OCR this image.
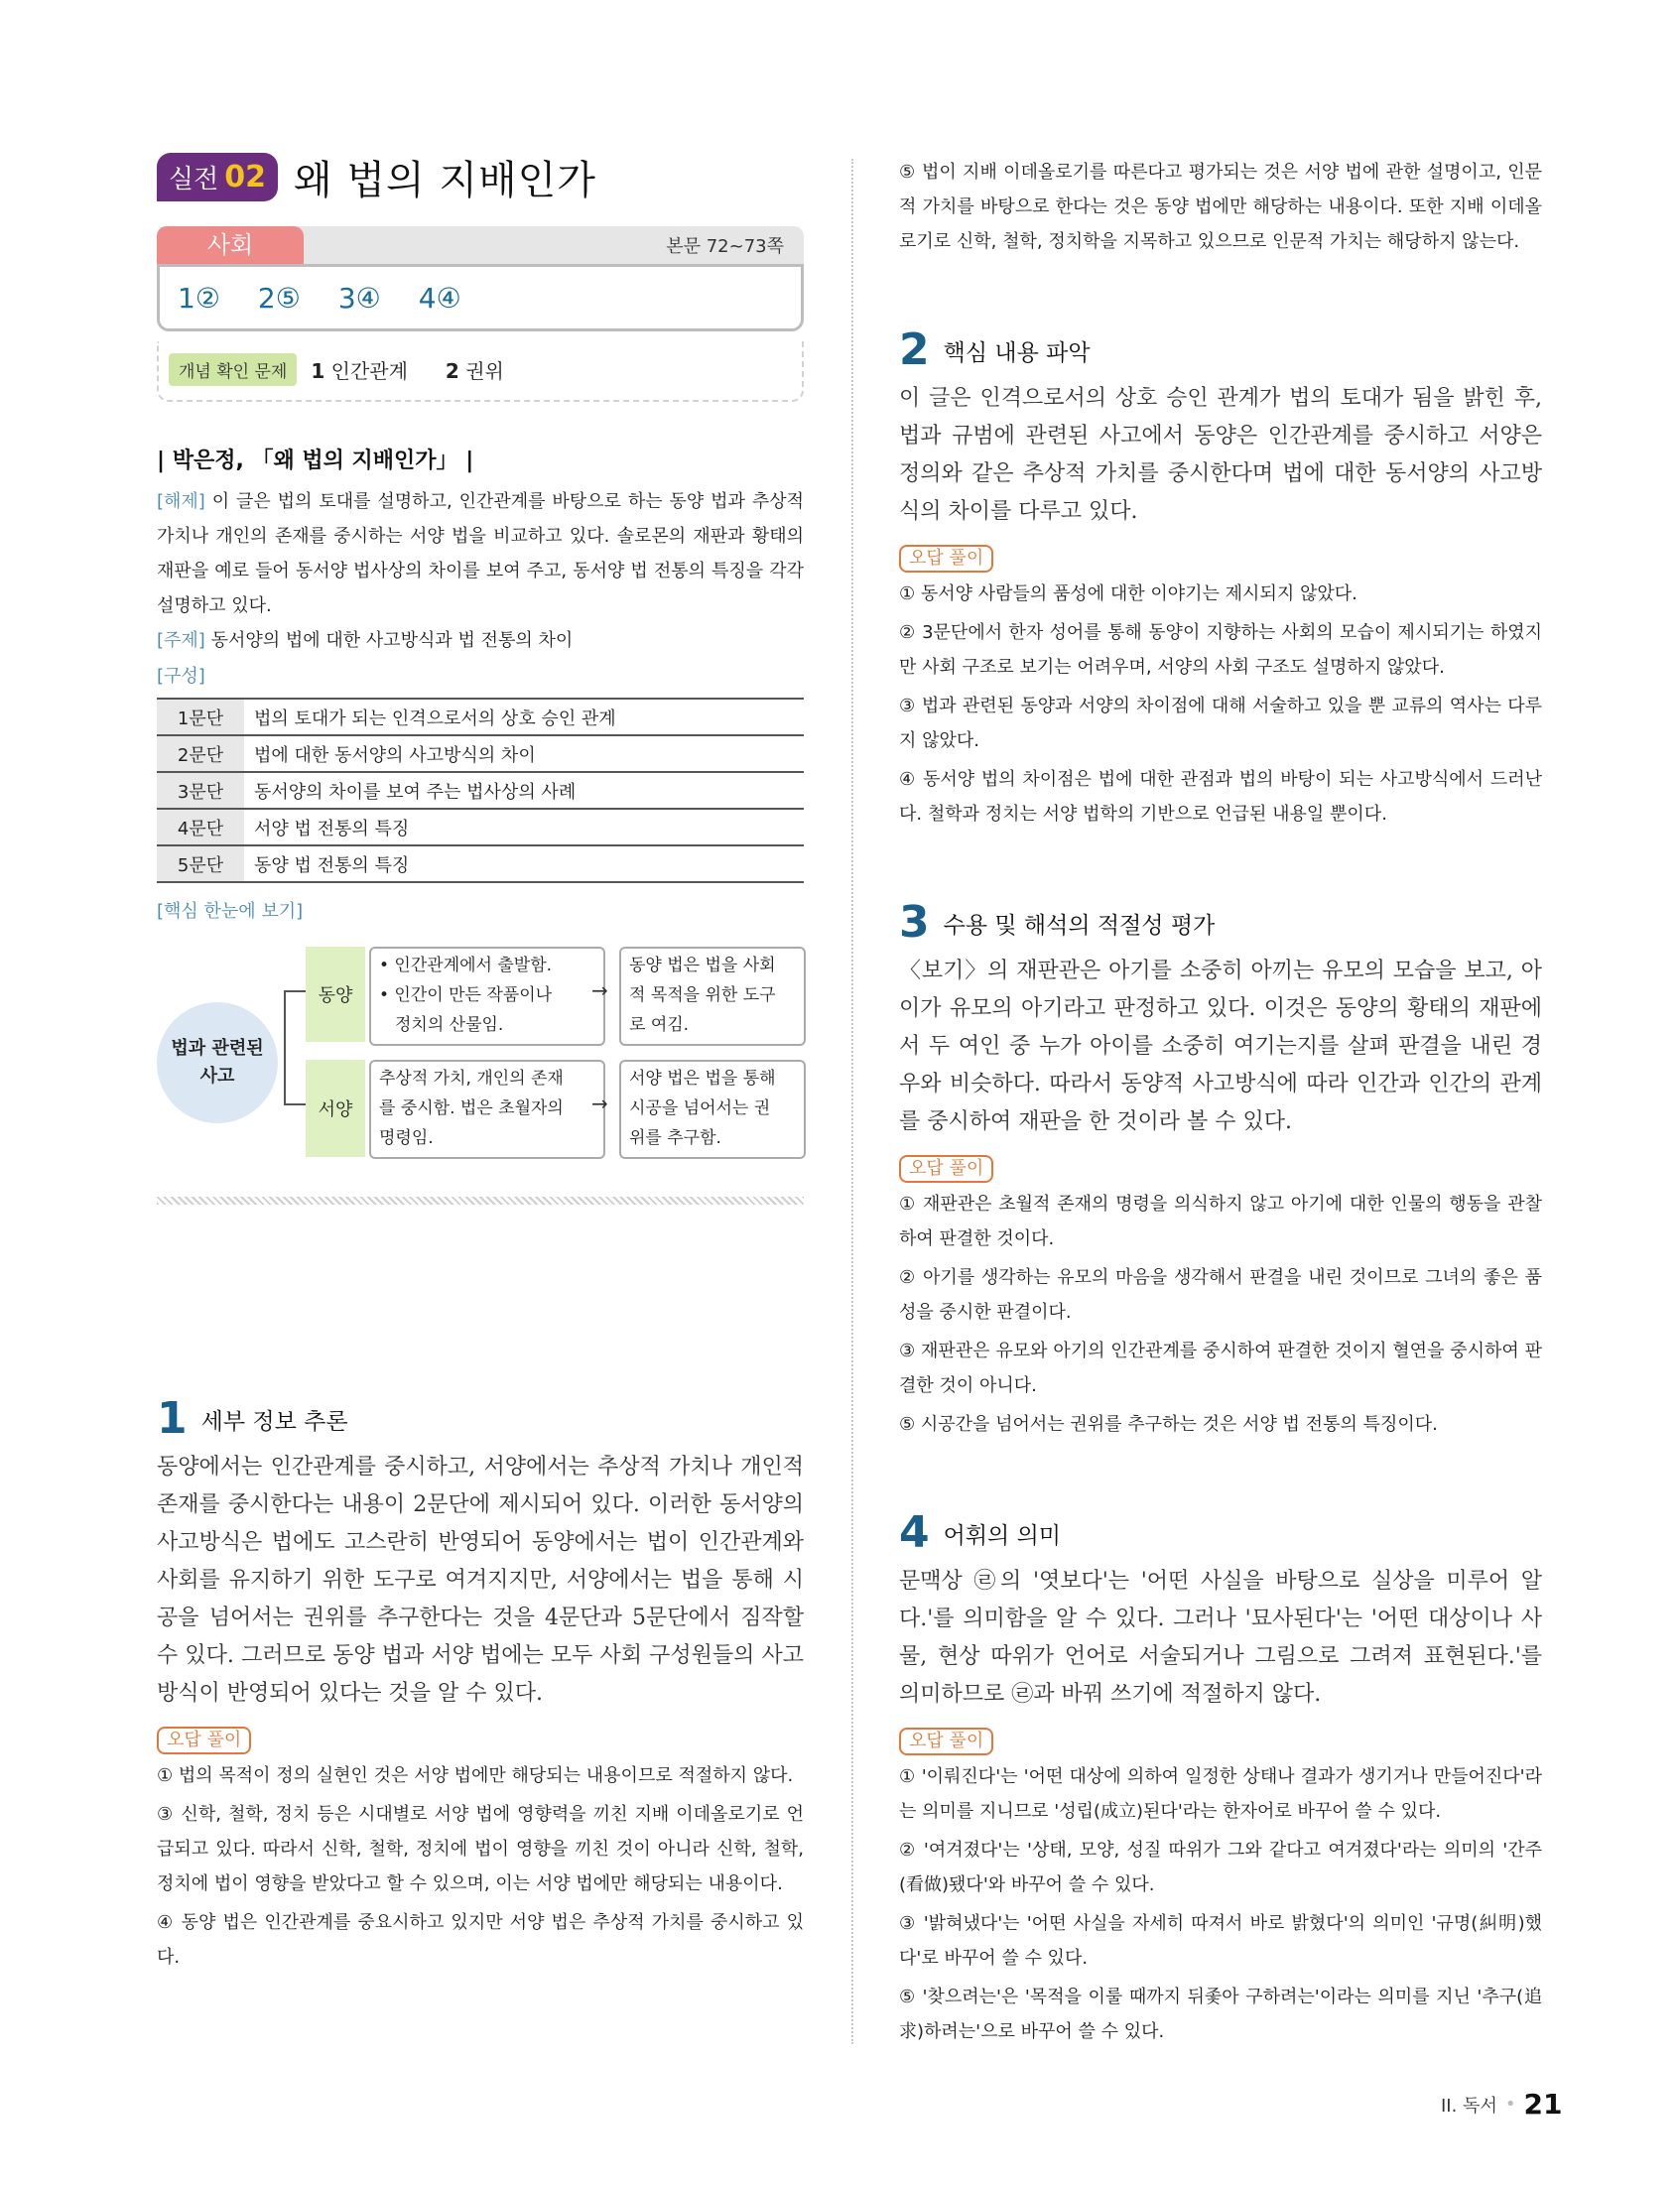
실전 02 왜 법의 지배인가
사회	본문 72~73쪽
1② 2⑤ 3④ 4④
개념 확인 문제	1 인간관계 2 권위
| 박은정, 「왜 법의 지배인가」 |
[해제] 이 글은 법의 토대를 설명하고, 인간관계를 바탕으로 하는 동양 법과 추상적 가치나 개인의 존재를 중시하는 서양 법을 비교하고 있다. 솔로몬의 재판과 황태의 재판을 예로 들어 동서양 법사상의 차이를 보여 주고, 동서양 법 전통의 특징을 각각 설명하고 있다.
[주제] 동서양의 법에 대한 사고방식과 법 전통의 차이
[구성]
1문단	법의 토대가 되는 인격으로서의 상호 승인 관계
2문단	법에 대한 동서양의 사고방식의 차이
3문단	동서양의 차이를 보여 주는 법사상의 사례
4문단	서양 법 전통의 특징
5문단	동양 법 전통의 특징
[핵심 한눈에 보기]
법과 관련된
사고
동양
• 인간관계에서 출발함.
• 인간이 만든 작품이나
정치의 산물임.
→
동양 법은 법을 사회
적 목적을 위한 도구
로 여김.
서양
추상적 가치, 개인의 존재
를 중시함. 법은 초월자의
명령임.
→
서양 법은 법을 통해
시공을 넘어서는 권
위를 추구함.
1 세부 정보 추론
동양에서는 인간관계를 중시하고, 서양에서는 추상적 가치나 개인적 존재를 중시한다는 내용이 2문단에 제시되어 있다. 이러한 동서양의 사고방식은 법에도 고스란히 반영되어 동양에서는 법이 인간관계와 사회를 유지하기 위한 도구로 여겨지지만, 서양에서는 법을 통해 시공을 넘어서는 권위를 추구한다는 것을 4문단과 5문단에서 짐작할 수 있다. 그러므로 동양 법과 서양 법에는 모두 사회 구성원들의 사고방식이 반영되어 있다는 것을 알 수 있다.
오답 풀이
① 법의 목적이 정의 실현인 것은 서양 법에만 해당되는 내용이므로 적절하지 않다.
③ 신학, 철학, 정치 등은 시대별로 서양 법에 영향력을 끼친 지배 이데올로기로 언급되고 있다. 따라서 신학, 철학, 정치에 법이 영향을 끼친 것이 아니라 신학, 철학, 정치에 법이 영향을 받았다고 할 수 있으며, 이는 서양 법에만 해당되는 내용이다.
④ 동양 법은 인간관계를 중요시하고 있지만 서양 법은 추상적 가치를 중시하고 있다.
⑤ 법이 지배 이데올로기를 따른다고 평가되는 것은 서양 법에 관한 설명이고, 인문적 가치를 바탕으로 한다는 것은 동양 법에만 해당하는 내용이다. 또한 지배 이데올로기로 신학, 철학, 정치학을 지목하고 있으므로 인문적 가치는 해당하지 않는다.
2 핵심 내용 파악
이 글은 인격으로서의 상호 승인 관계가 법의 토대가 됨을 밝힌 후, 법과 규범에 관련된 사고에서 동양은 인간관계를 중시하고 서양은 정의와 같은 추상적 가치를 중시한다며 법에 대한 동서양의 사고방식의 차이를 다루고 있다.
오답 풀이
① 동서양 사람들의 품성에 대한 이야기는 제시되지 않았다.
② 3문단에서 한자 성어를 통해 동양이 지향하는 사회의 모습이 제시되기는 하였지만 사회 구조로 보기는 어려우며, 서양의 사회 구조도 설명하지 않았다.
③ 법과 관련된 동양과 서양의 차이점에 대해 서술하고 있을 뿐 교류의 역사는 다루지 않았다.
④ 동서양 법의 차이점은 법에 대한 관점과 법의 바탕이 되는 사고방식에서 드러난다. 철학과 정치는 서양 법학의 기반으로 언급된 내용일 뿐이다.
3 수용 및 해석의 적절성 평가
〈보기〉의 재판관은 아기를 소중히 아끼는 유모의 모습을 보고, 아이가 유모의 아기라고 판정하고 있다. 이것은 동양의 황태의 재판에서 두 여인 중 누가 아이를 소중히 여기는지를 살펴 판결을 내린 경우와 비슷하다. 따라서 동양적 사고방식에 따라 인간과 인간의 관계를 중시하여 재판을 한 것이라 볼 수 있다.
오답 풀이
① 재판관은 초월적 존재의 명령을 의식하지 않고 아기에 대한 인물의 행동을 관찰하여 판결한 것이다.
② 아기를 생각하는 유모의 마음을 생각해서 판결을 내린 것이므로 그녀의 좋은 품성을 중시한 판결이다.
③ 재판관은 유모와 아기의 인간관계를 중시하여 판결한 것이지 혈연을 중시하여 판결한 것이 아니다.
⑤ 시공간을 넘어서는 권위를 추구하는 것은 서양 법 전통의 특징이다.
4 어휘의 의미
문맥상 ㉣의 '엿보다'는 '어떤 사실을 바탕으로 실상을 미루어 알다.'를 의미함을 알 수 있다. 그러나 '묘사된다'는 '어떤 대상이나 사물, 현상 따위가 언어로 서술되거나 그림으로 그려져 표현된다.'를 의미하므로 ㉣과 바꿔 쓰기에 적절하지 않다.
오답 풀이
① '이뤄진다'는 '어떤 대상에 의하여 일정한 상태나 결과가 생기거나 만들어진다'라는 의미를 지니므로 '성립(成立)된다'라는 한자어로 바꾸어 쓸 수 있다.
② '여겨졌다'는 '상태, 모양, 성질 따위가 그와 같다고 여겨졌다'라는 의미의 '간주(看做)됐다'와 바꾸어 쓸 수 있다.
③ '밝혀냈다'는 '어떤 사실을 자세히 따져서 바로 밝혔다'의 의미인 '규명(糾明)했다'로 바꾸어 쓸 수 있다.
⑤ '찾으려는'은 '목적을 이룰 때까지 뒤좇아 구하려는'이라는 의미를 지닌 '추구(追求)하려는'으로 바꾸어 쓸 수 있다.
II. 독서 • 21
